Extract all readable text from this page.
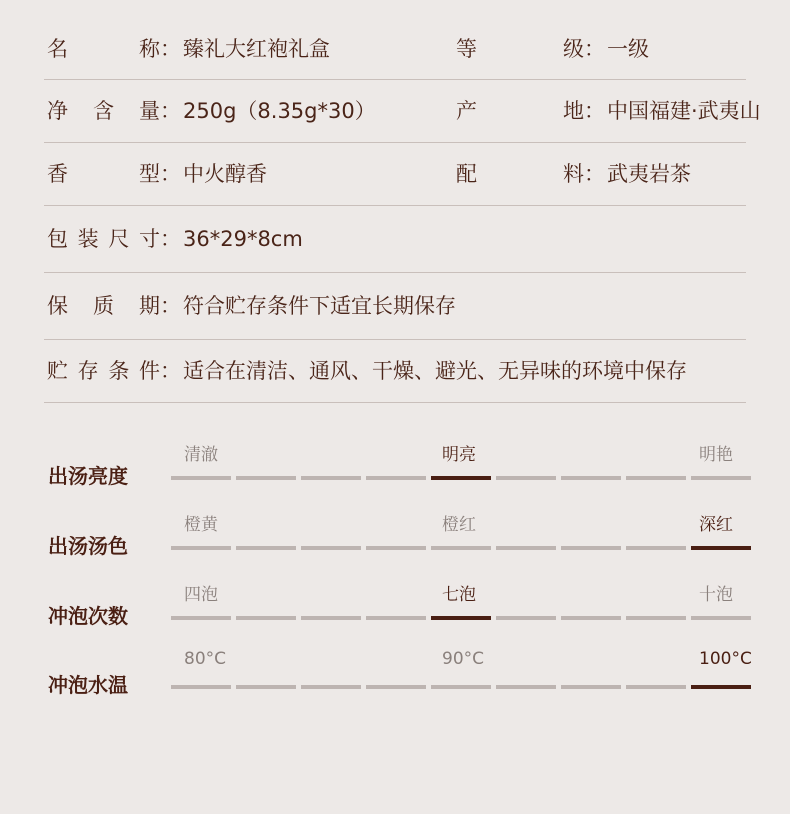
名称 ： 臻礼大红袍礼盒	等级 ： 一级
净含量 ： 250g（8.35g*30）	产地 ： 中国福建·武夷山
香型 ： 中火醇香	配料 ： 武夷岩茶
包装尺寸 ： 36*29*8cm
保质期 ： 符合贮存条件下适宜长期保存
贮存条件 ： 适合在清洁、通风、干燥、避光、无异味的环境中保存
出汤亮度
清澈	明亮	明艳
出汤汤色
橙黄	橙红	深红
冲泡次数
四泡	七泡	十泡
冲泡水温
80°C	90°C	100°C
